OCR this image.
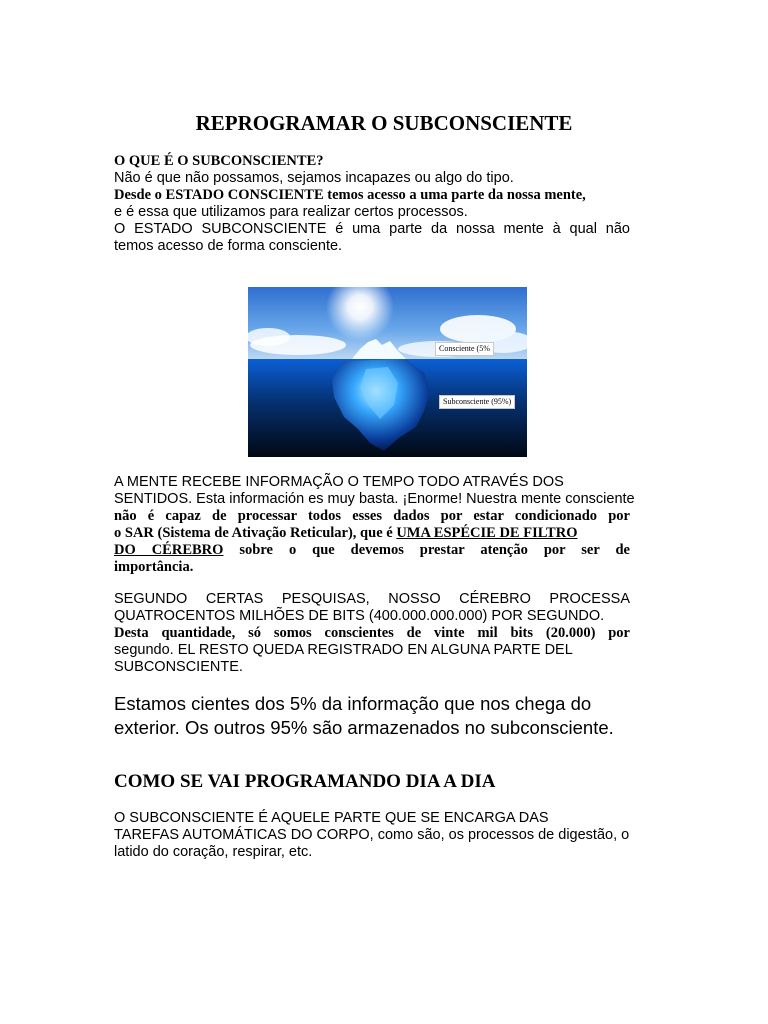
REPROGRAMAR O SUBCONSCIENTE
O QUE É O SUBCONSCIENTE?
Não é que não possamos, sejamos incapazes ou algo do tipo.
Desde o ESTADO CONSCIENTE temos acesso a uma parte da nossa mente,
e é essa que utilizamos para realizar certos processos.
O ESTADO SUBCONSCIENTE é uma parte da nossa mente à qual não
temos acesso de forma consciente.
Consciente (5%
Subconsciente (95%)
A MENTE RECEBE INFORMAÇÃO O TEMPO TODO ATRAVÉS DOS
SENTIDOS. Esta información es muy basta. ¡Enorme! Nuestra mente consciente
não é capaz de processar todos esses dados por estar condicionado por
o SAR (Sistema de Ativação Reticular), que é UMA ESPÉCIE DE FILTRO
DO CÉREBRO sobre o que devemos prestar atenção por ser de
importância.
SEGUNDO CERTAS PESQUISAS, NOSSO CÉREBRO PROCESSA
QUATROCENTOS MILHÕES DE BITS (400.000.000.000) POR SEGUNDO.
Desta quantidade, só somos conscientes de vinte mil bits (20.000) por
segundo. EL RESTO QUEDA REGISTRADO EN ALGUNA PARTE DEL
SUBCONSCIENTE.
Estamos cientes dos 5% da informação que nos chega do
exterior. Os outros 95% são armazenados no subconsciente.
COMO SE VAI PROGRAMANDO DIA A DIA
O SUBCONSCIENTE É AQUELE PARTE QUE SE ENCARGA DAS
TAREFAS AUTOMÁTICAS DO CORPO, como são, os processos de digestão, o
latido do coração, respirar, etc.
